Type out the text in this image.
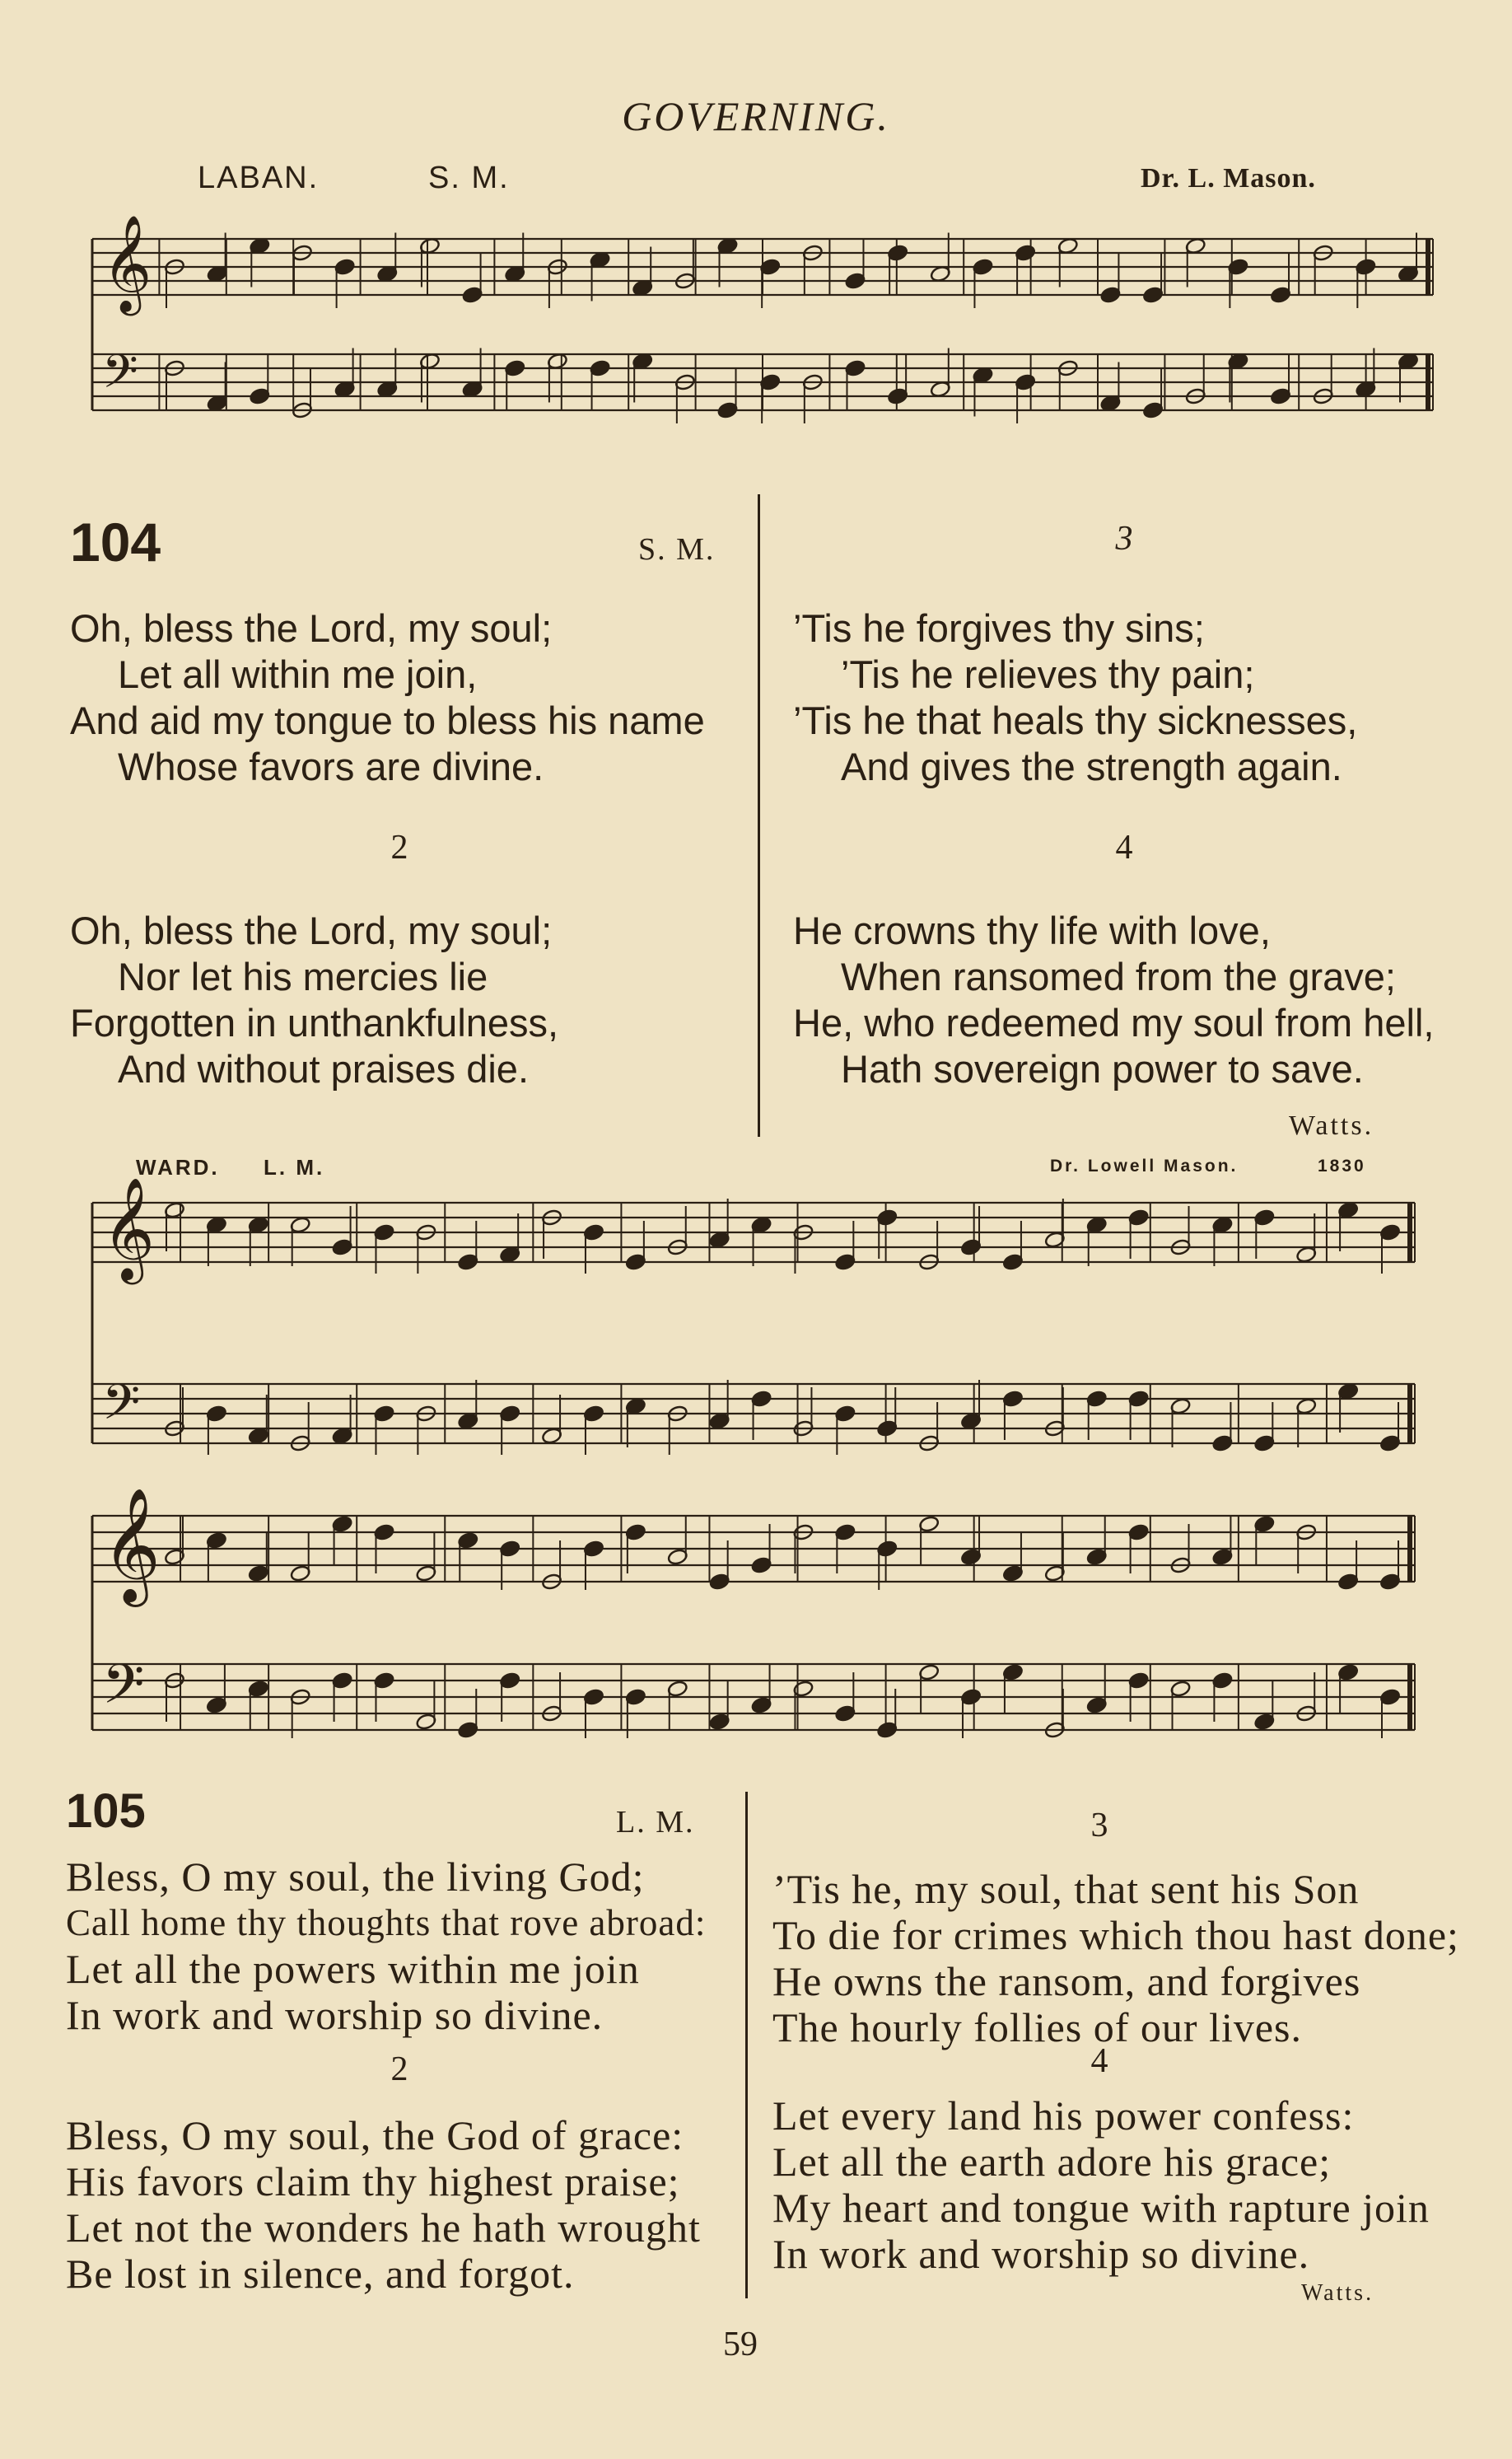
GOVERNING.
LABAN.	S. M.	Dr. L. Mason.
𝄞
𝄢
𝄞
𝄢
𝄞
𝄢
104	S. M.
Oh, bless the Lord, my soul;
Let all within me join,
And aid my tongue to bless his name
Whose favors are divine.
2
Oh, bless the Lord, my soul;
Nor let his mercies lie
Forgotten in unthankfulness,
And without praises die.
3
’Tis he forgives thy sins;
’Tis he relieves thy pain;
’Tis he that heals thy sicknesses,
And gives the strength again.
4
He crowns thy life with love,
When ransomed from the grave;
He, who redeemed my soul from hell,
Hath sovereign power to save.
Watts.
WARD. L. M.	Dr. Lowell Mason.	1830
105	L. M.
Bless, O my soul, the living God;
Call home thy thoughts that rove abroad:
Let all the powers within me join
In work and worship so divine.
2
Bless, O my soul, the God of grace:
His favors claim thy highest praise;
Let not the wonders he hath wrought
Be lost in silence, and forgot.
3
’Tis he, my soul, that sent his Son
To die for crimes which thou hast done;
He owns the ransom, and forgives
The hourly follies of our lives.
4
Let every land his power confess:
Let all the earth adore his grace;
My heart and tongue with rapture join
In work and worship so divine.
Watts.
59
